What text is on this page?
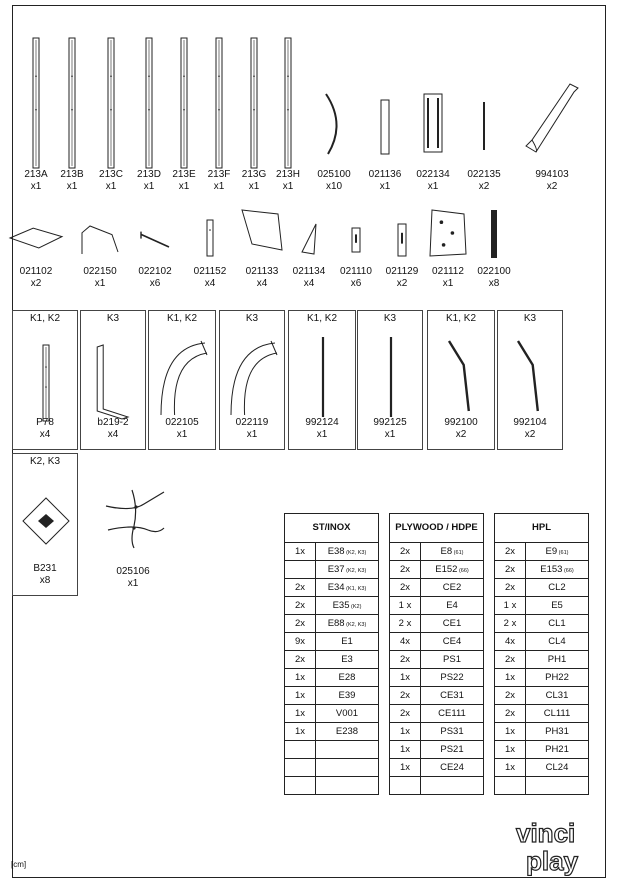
213A
x1
213B
x1
213C
x1
213D
x1
213E
x1
213F
x1
213G
x1
213H
x1
025100
x10
021136
x1
022134
x1
022135
x2
994103
x2
021102
x2
022150
x1
022102
x6
021152
x4
021133
x4
021134
x4
021110
x6
021129
x2
021112
x1
022100
x8
K1, K2
P78
x4
K3
b219-2
x4
K1, K2
022105
x1
K3
022119
x1
K1, K2
992124
x1
K3
992125
x1
K1, K2
992100
x2
K3
992104
x2
K2, K3
B231
x8
025106
x1
ST/INOX			PLYWOOD / HDPE			HPL	
1x	E38 (K2, K3)		2x	E8 (61)		2x	E9 (61)
	E37 (K2, K3)		2x	E152 (66)		2x	E153 (66)
2x	E34 (K1, K3)		2x	CE2		2x	CL2
2x	E35 (K2)		1 x	E4		1 x	E5
2x	E88 (K2, K3)		2 x	CE1		2 x	CL1
9x	E1		4x	CE4		4x	CL4
2x	E3		2x	PS1		2x	PH1
1x	E28		1x	PS22		1x	PH22
1x	E39		2x	CE31		2x	CL31
1x	V001		2x	CE111		2x	CL111
1x	E238		1x	PS31		1x	PH31
			1x	PS21		1x	PH21
			1x	CE24		1x	CL24

[cm]
vinci
play
